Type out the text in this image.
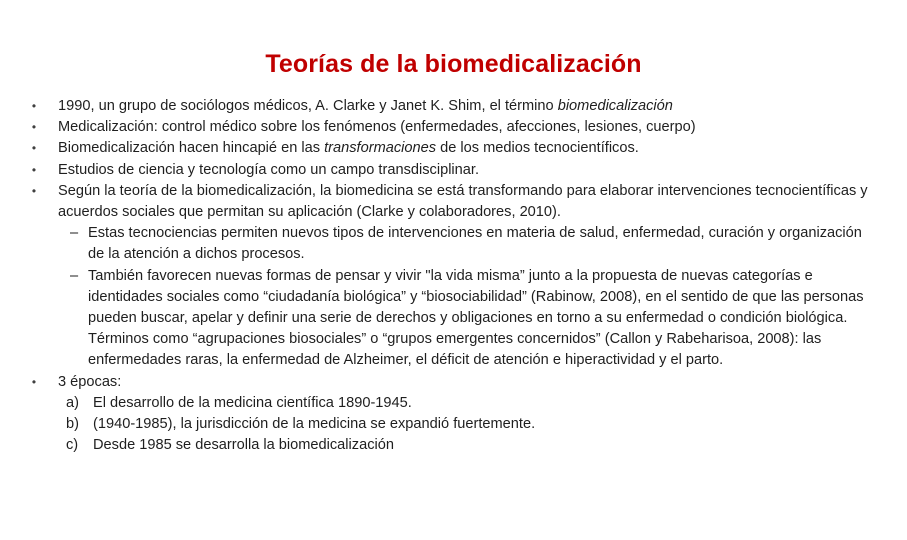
Teorías de la biomedicalización
• 1990, un grupo de sociólogos médicos, A. Clarke y Janet K. Shim, el término biomedicalización
• Medicalización: control médico sobre los fenómenos (enfermedades, afecciones, lesiones, cuerpo)
• Biomedicalización hacen hincapié en las transformaciones de los medios tecnocientíficos.
• Estudios de ciencia y tecnología como un campo transdisciplinar.
• Según la teoría de la biomedicalización, la biomedicina se está transformando para elaborar intervenciones tecnocientíficas y acuerdos sociales que permitan su aplicación (Clarke y colaboradores, 2010).
– Estas tecnociencias permiten nuevos tipos de intervenciones en materia de salud, enfermedad, curación y organización de la atención a dichos procesos.
– También favorecen nuevas formas de pensar y vivir "la vida misma” junto a la propuesta de nuevas categorías e identidades sociales como “ciudadanía biológica” y “biosociabilidad” (Rabinow, 2008), en el sentido de que las personas pueden buscar, apelar y definir una serie de derechos y obligaciones en torno a su enfermedad o condición biológica. Términos como “agrupaciones biosociales” o “grupos emergentes concernidos” (Callon y Rabeharisoa, 2008): las enfermedades raras, la enfermedad de Alzheimer, el déficit de atención e hiperactividad y el parto.
• 3 épocas:
a) El desarrollo de la medicina científica 1890-1945.
b) (1940-1985), la jurisdicción de la medicina se expandió fuertemente.
c) Desde 1985 se desarrolla la biomedicalización
